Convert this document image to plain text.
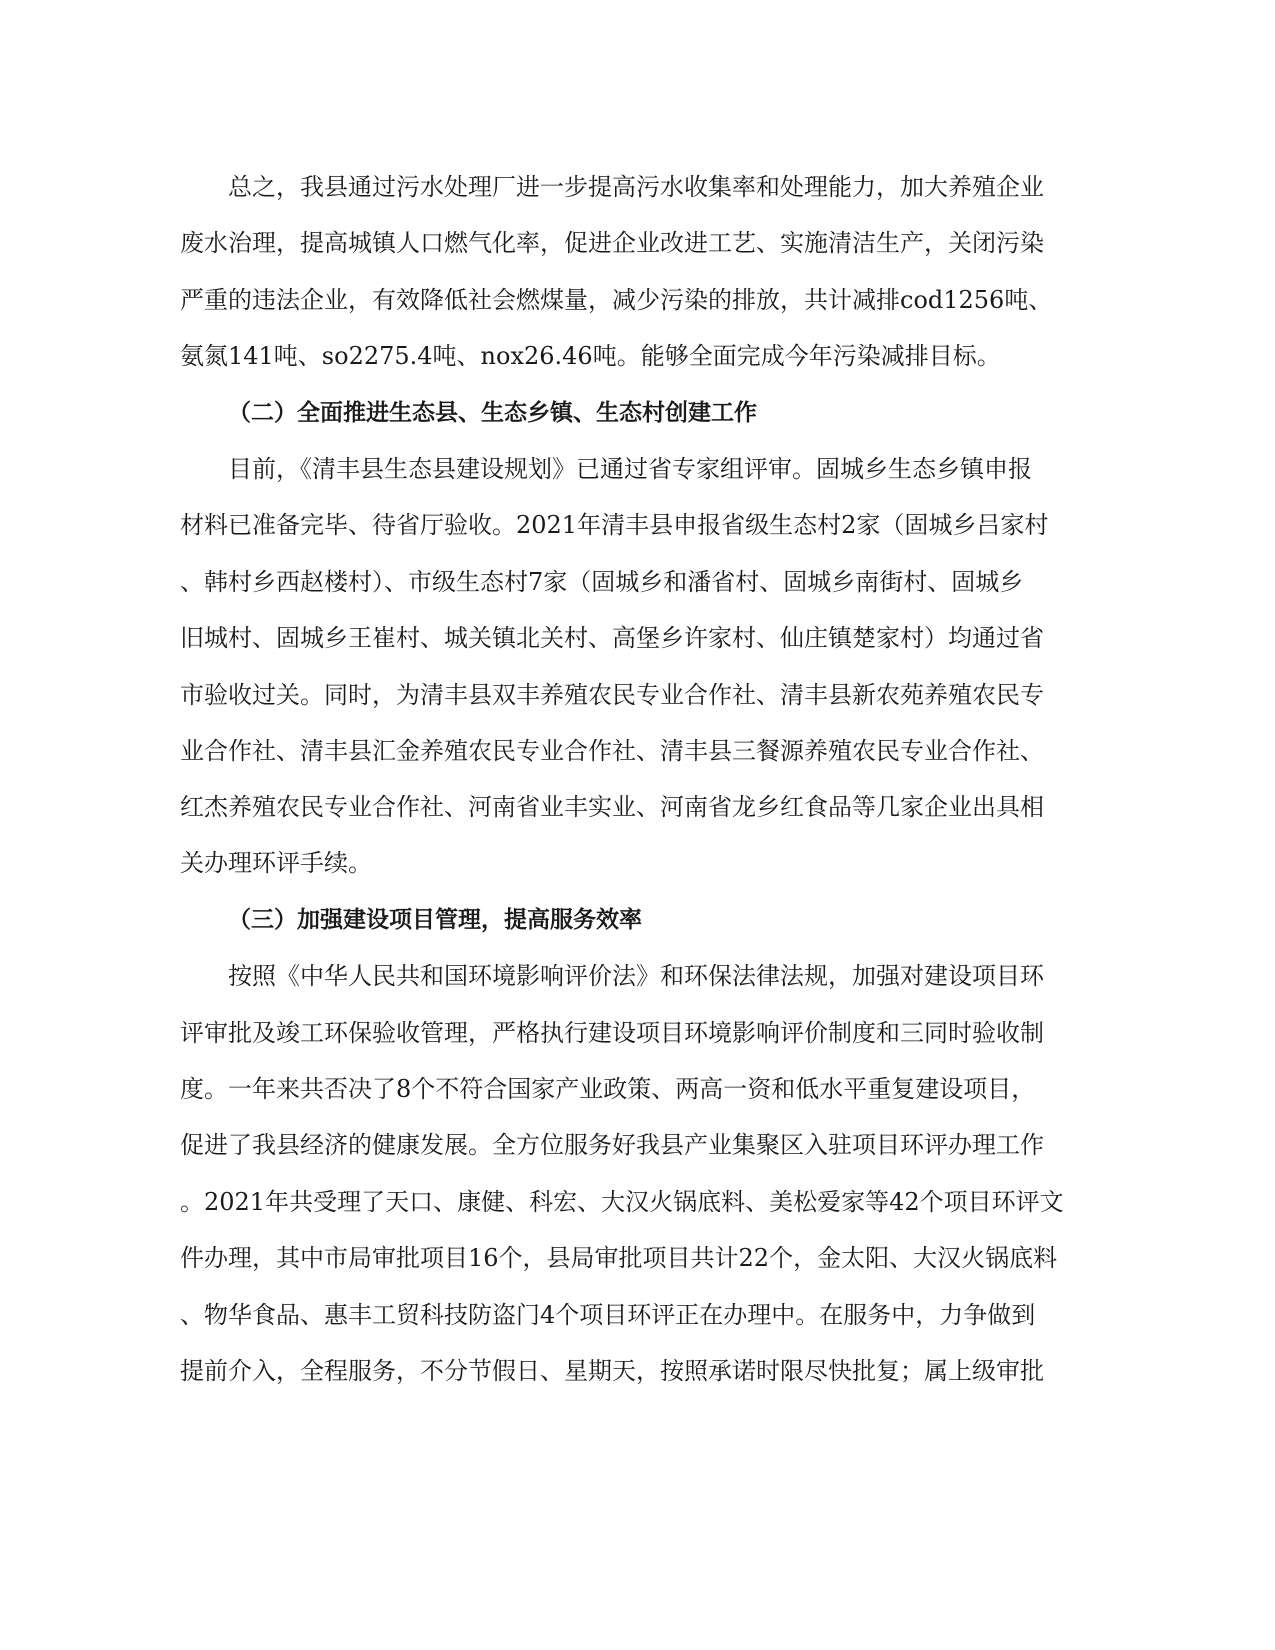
总之，我县通过污水处理厂进一步提高污水收集率和处理能力，加大养殖企业
废水治理，提高城镇人口燃气化率，促进企业改进工艺、实施清洁生产，关闭污染
严重的违法企业，有效降低社会燃煤量，减少污染的排放，共计减排cod1256吨、
氨氮141吨、so2275.4吨、nox26.46吨。能够全面完成今年污染减排目标。
（二）全面推进生态县、生态乡镇、生态村创建工作
目前，《清丰县生态县建设规划》已通过省专家组评审。固城乡生态乡镇申报
材料已准备完毕、待省厅验收。2021年清丰县申报省级生态村2家（固城乡吕家村
、韩村乡西赵楼村）、市级生态村7家（固城乡和潘省村、固城乡南街村、固城乡
旧城村、固城乡王崔村、城关镇北关村、高堡乡许家村、仙庄镇楚家村）均通过省
市验收过关。同时，为清丰县双丰养殖农民专业合作社、清丰县新农苑养殖农民专
业合作社、清丰县汇金养殖农民专业合作社、清丰县三餐源养殖农民专业合作社、
红杰养殖农民专业合作社、河南省业丰实业、河南省龙乡红食品等几家企业出具相
关办理环评手续。
（三）加强建设项目管理，提高服务效率
按照《中华人民共和国环境影响评价法》和环保法律法规，加强对建设项目环
评审批及竣工环保验收管理，严格执行建设项目环境影响评价制度和三同时验收制
度。一年来共否决了8个不符合国家产业政策、两高一资和低水平重复建设项目，
促进了我县经济的健康发展。全方位服务好我县产业集聚区入驻项目环评办理工作
。2021年共受理了天口、康健、科宏、大汉火锅底料、美松爱家等42个项目环评文
件办理，其中市局审批项目16个，县局审批项目共计22个，金太阳、大汉火锅底料
、物华食品、惠丰工贸科技防盗门4个项目环评正在办理中。在服务中，力争做到
提前介入，全程服务，不分节假日、星期天，按照承诺时限尽快批复；属上级审批
